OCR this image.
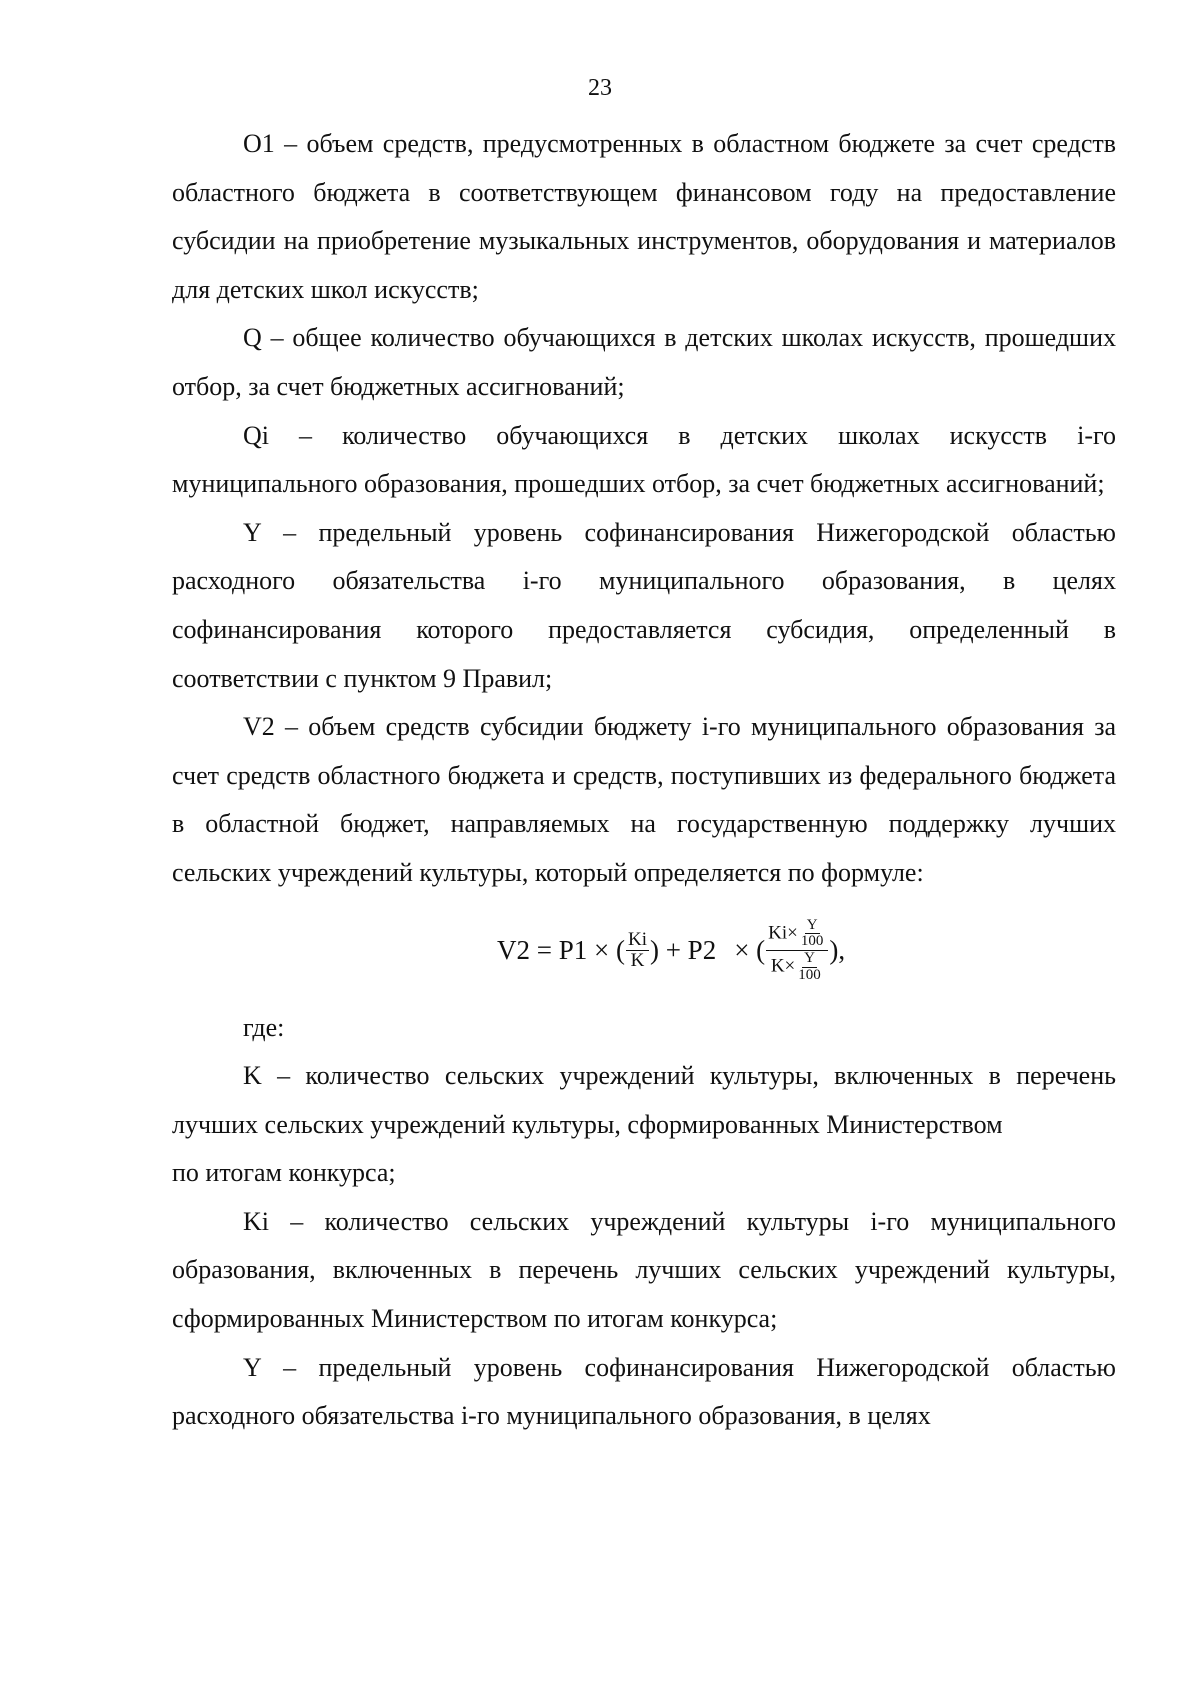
23

O1 – объем средств, предусмотренных в областном бюджете за счет средств областного бюджета в соответствующем финансовом году на предоставление субсидии на приобретение музыкальных инструментов, оборудования и материалов для детских школ искусств;

Q – общее количество обучающихся в детских школах искусств, прошедших отбор, за счет бюджетных ассигнований;

Qi – количество обучающихся в детских школах искусств i-го муниципального образования, прошедших отбор, за счет бюджетных ассигнований;

Y – предельный уровень софинансирования Нижегородской областью расходного обязательства i-го муниципального образования, в целях софинансирования которого предоставляется субсидия, определенный в соответствии с пунктом 9 Правил;

V2 – объем средств субсидии бюджету i-го муниципального образования за счет средств областного бюджета и средств, поступивших из федерального бюджета в областной бюджет, направляемых на государственную поддержку лучших сельских учреждений культуры, который определяется по формуле:

V2 = P1 × ( $\frac{Ki}{K}$ ) + P2 × ( $\frac{Ki\times \frac{Y}{100}}{K\times \frac{Y}{100}}$ ),

где:

K – количество сельских учреждений культуры, включенных в перечень лучших сельских учреждений культуры, сформированных Министерством

по итогам конкурса;

Ki – количество сельских учреждений культуры i-го муниципального образования, включенных в перечень лучших сельских учреждений культуры, сформированных Министерством по итогам конкурса;

Y – предельный уровень софинансирования Нижегородской областью расходного обязательства i-го муниципального образования, в целях
